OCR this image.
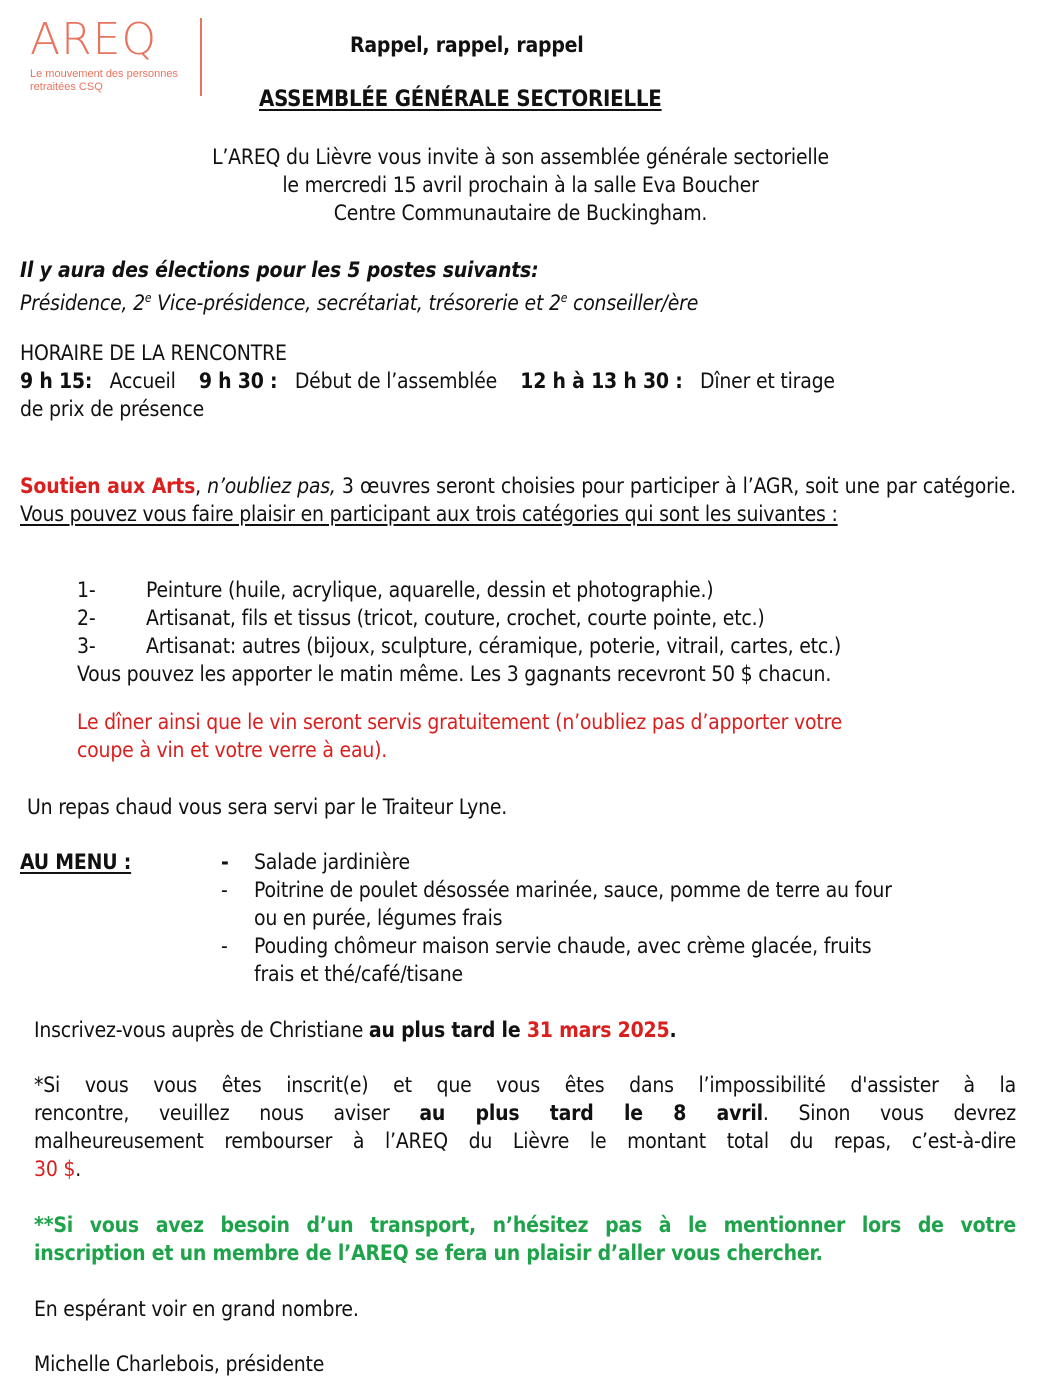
AREQ
Le mouvement des personnes
retraitées CSQ
Rappel, rappel, rappel
ASSEMBLÉE GÉNÉRALE SECTORIELLE
L’AREQ du Lièvre vous invite à son assemblée générale sectorielle
le mercredi 15 avril prochain à la salle Eva Boucher
Centre Communautaire de Buckingham.
Il y aura des élections pour les 5 postes suivants:
Présidence, 2e Vice-présidence, secrétariat, trésorerie et 2e conseiller/ère
HORAIRE DE LA RENCONTRE
9 h 15: Accueil 9 h 30 : Début de l’assemblée 12 h à 13 h 30 : Dîner et tirage
de prix de présence
Soutien aux Arts, n’oubliez pas, 3 œuvres seront choisies pour participer à l’AGR, soit une par catégorie. Vous pouvez vous faire plaisir en participant aux trois catégories qui sont les suivantes :
1- Peinture (huile, acrylique, aquarelle, dessin et photographie.)
2- Artisanat, fils et tissus (tricot, couture, crochet, courte pointe, etc.)
3- Artisanat: autres (bijoux, sculpture, céramique, poterie, vitrail, cartes, etc.)
Vous pouvez les apporter le matin même. Les 3 gagnants recevront 50 $ chacun.
Le dîner ainsi que le vin seront servis gratuitement (n’oubliez pas d’apporter votre
coupe à vin et votre verre à eau).
Un repas chaud vous sera servi par le Traiteur Lyne.
AU MENU :	- Salade jardinière
- Poitrine de poulet désossée marinée, sauce, pomme de terre au four
ou en purée, légumes frais
- Pouding chômeur maison servie chaude, avec crème glacée, fruits
frais et thé/café/tisane
Inscrivez-vous auprès de Christiane au plus tard le 31 mars 2025.
*Si vous vous êtes inscrit(e) et que vous êtes dans l’impossibilité d'assister à la
rencontre, veuillez nous aviser au plus tard le 8 avril. Sinon vous devrez
malheureusement rembourser à l’AREQ du Lièvre le montant total du repas, c’est-à-dire
30 $.
**Si vous avez besoin d’un transport, n’hésitez pas à le mentionner lors de votre
inscription et un membre de l’AREQ se fera un plaisir d’aller vous chercher.
En espérant voir en grand nombre.
Michelle Charlebois, présidente
